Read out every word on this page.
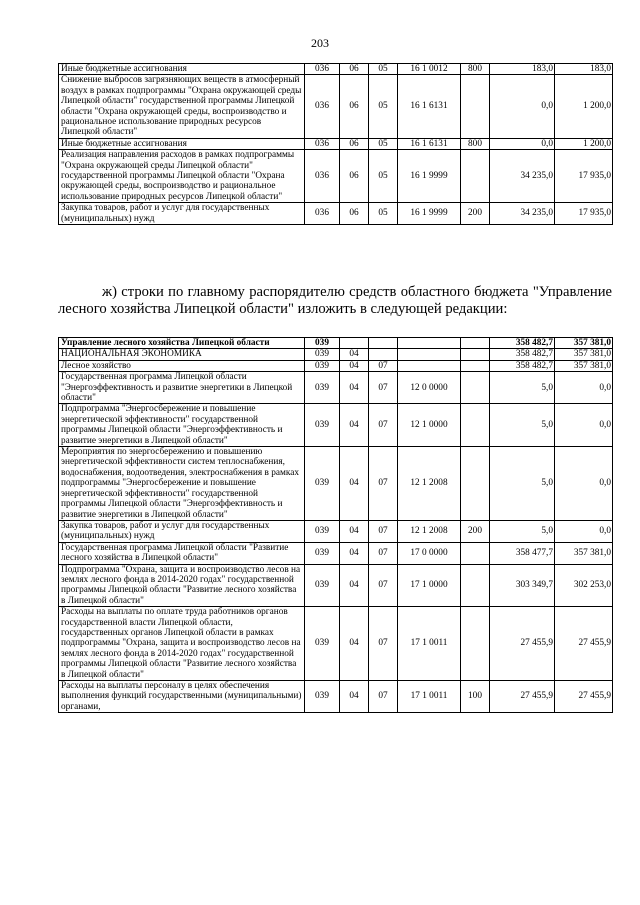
203
Иные бюджетные ассигнования	036	06	05	16 1 0012	800	183,0	183,0
Снижение выбросов загрязняющих веществ в атмосферный воздух в рамках подпрограммы "Охрана окружающей среды Липецкой области" государственной программы Липецкой области "Охрана окружающей среды, воспроизводство и рациональное использование природных ресурсов Липецкой области"	036	06	05	16 1 6131		0,0	1 200,0
Иные бюджетные ассигнования	036	06	05	16 1 6131	800	0,0	1 200,0
Реализация направления расходов в рамках подпрограммы "Охрана окружающей среды Липецкой области" государственной программы Липецкой области "Охрана окружающей среды, воспроизводство и рациональное использование природных ресурсов Липецкой области"	036	06	05	16 1 9999		34 235,0	17 935,0
Закупка товаров, работ и услуг для государственных (муниципальных) нужд	036	06	05	16 1 9999	200	34 235,0	17 935,0

ж) строки по главному распорядителю средств областного бюджета "Управление лесного хозяйства Липецкой области" изложить в следующей редакции:

Управление лесного хозяйства Липецкой области	039					358 482,7	357 381,0
НАЦИОНАЛЬНАЯ ЭКОНОМИКА	039	04				358 482,7	357 381,0
Лесное хозяйство	039	04	07			358 482,7	357 381,0
Государственная программа Липецкой области "Энергоэффективность и развитие энергетики в Липецкой области"	039	04	07	12 0 0000		5,0	0,0
Подпрограмма "Энергосбережение и повышение энергетической эффективности" государственной программы Липецкой области "Энергоэффективность и развитие энергетики в Липецкой области"	039	04	07	12 1 0000		5,0	0,0
Мероприятия по энергосбережению и повышению энергетической эффективности систем теплоснабжения, водоснабжения, водоотведения, электроснабжения в рамках подпрограммы "Энергосбережение и повышение энергетической эффективности" государственной программы Липецкой области "Энергоэффективность и развитие энергетики в Липецкой области"	039	04	07	12 1 2008		5,0	0,0
Закупка товаров, работ и услуг для государственных (муниципальных) нужд	039	04	07	12 1 2008	200	5,0	0,0
Государственная программа Липецкой области "Развитие лесного хозяйства в Липецкой области"	039	04	07	17 0 0000		358 477,7	357 381,0
Подпрограмма "Охрана, защита и воспроизводство лесов на землях лесного фонда в 2014-2020 годах" государственной программы Липецкой области "Развитие лесного хозяйства в Липецкой области"	039	04	07	17 1 0000		303 349,7	302 253,0
Расходы на выплаты по оплате труда работников органов государственной власти Липецкой области, государственных органов Липецкой области в рамках подпрограммы "Охрана, защита и воспроизводство лесов на землях лесного фонда в 2014-2020 годах" государственной программы Липецкой области "Развитие лесного хозяйства в Липецкой области"	039	04	07	17 1 0011		27 455,9	27 455,9
Расходы на выплаты персоналу в целях обеспечения выполнения функций государственными (муниципальными) органами,	039	04	07	17 1 0011	100	27 455,9	27 455,9
